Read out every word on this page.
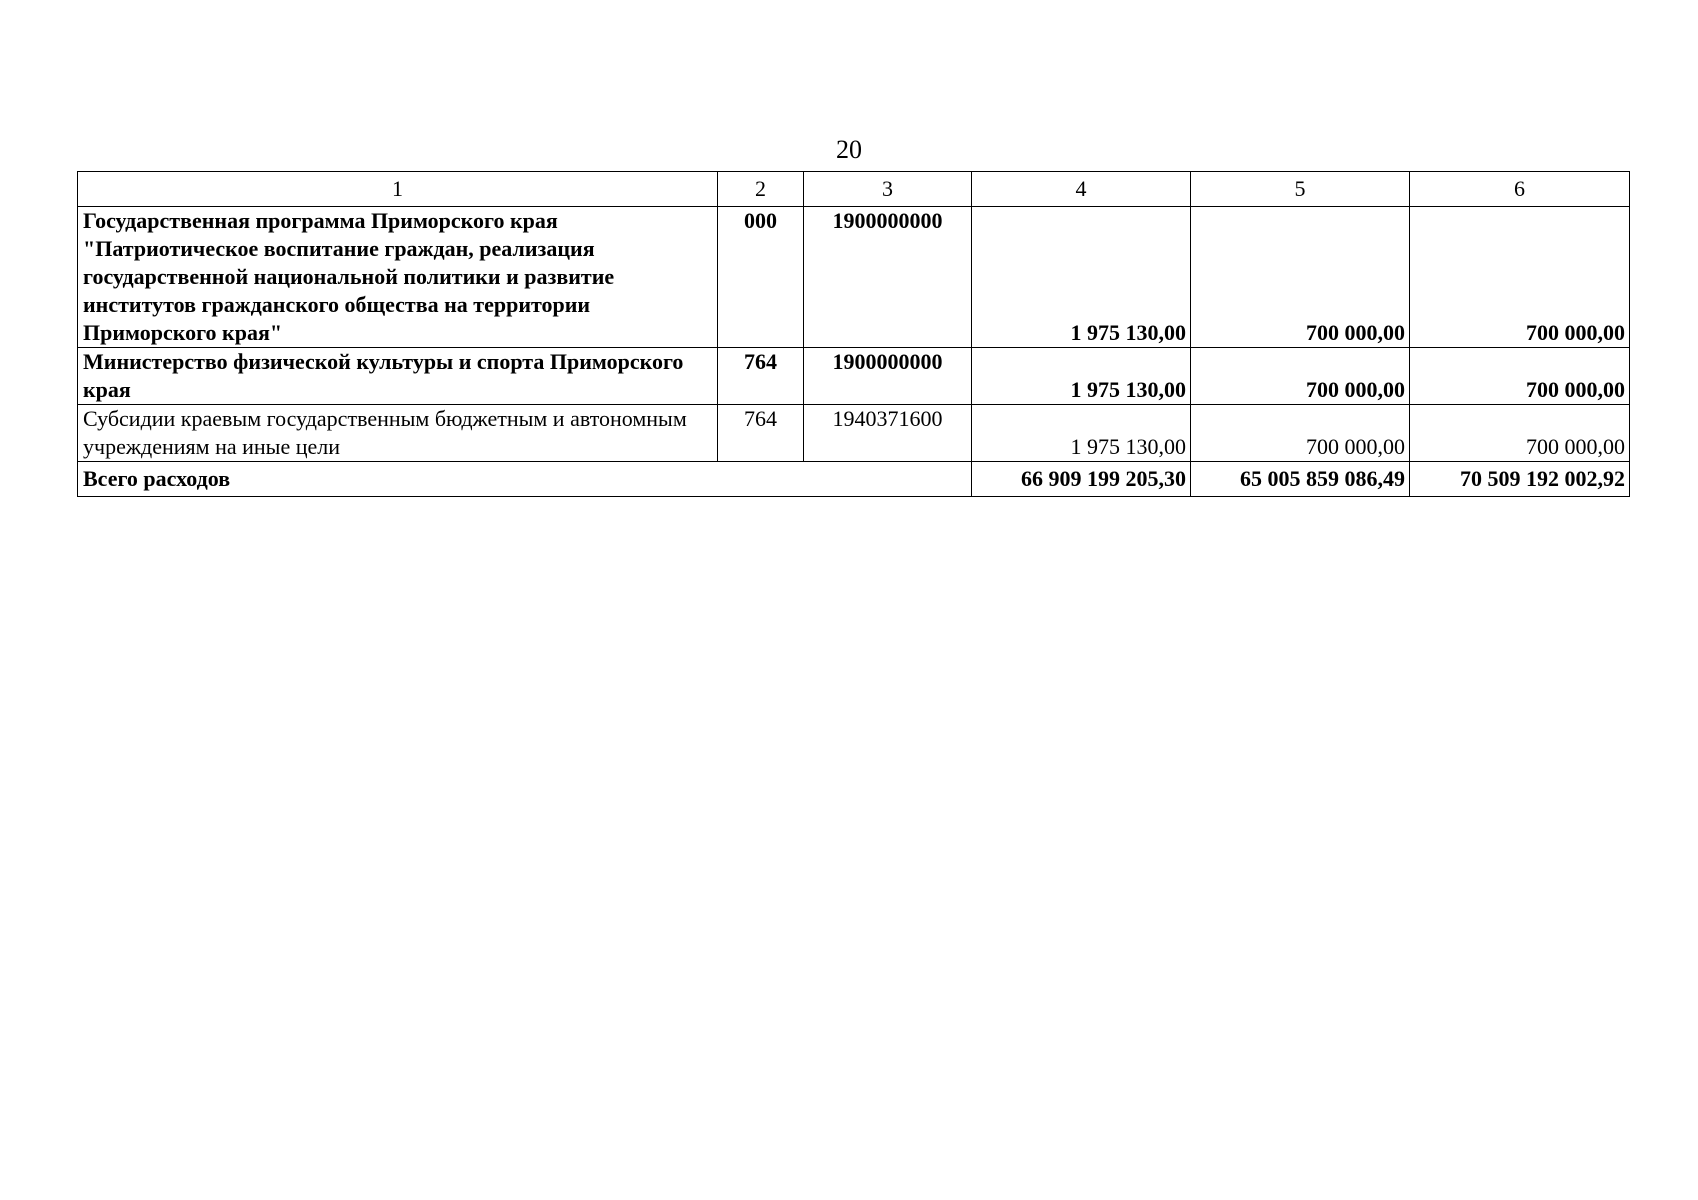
20
1	2	3	4	5	6
Государственная программа Приморского края "Патриотическое воспитание граждан, реализация государственной национальной политики и развитие институтов гражданского общества на территории Приморского края"	000	1900000000	1 975 130,00	700 000,00	700 000,00
Министерство физической культуры и спорта Приморского края	764	1900000000	1 975 130,00	700 000,00	700 000,00
Субсидии краевым государственным бюджетным и автономным учреждениям на иные цели	764	1940371600	1 975 130,00	700 000,00	700 000,00
Всего расходов			66 909 199 205,30	65 005 859 086,49	70 509 192 002,92
